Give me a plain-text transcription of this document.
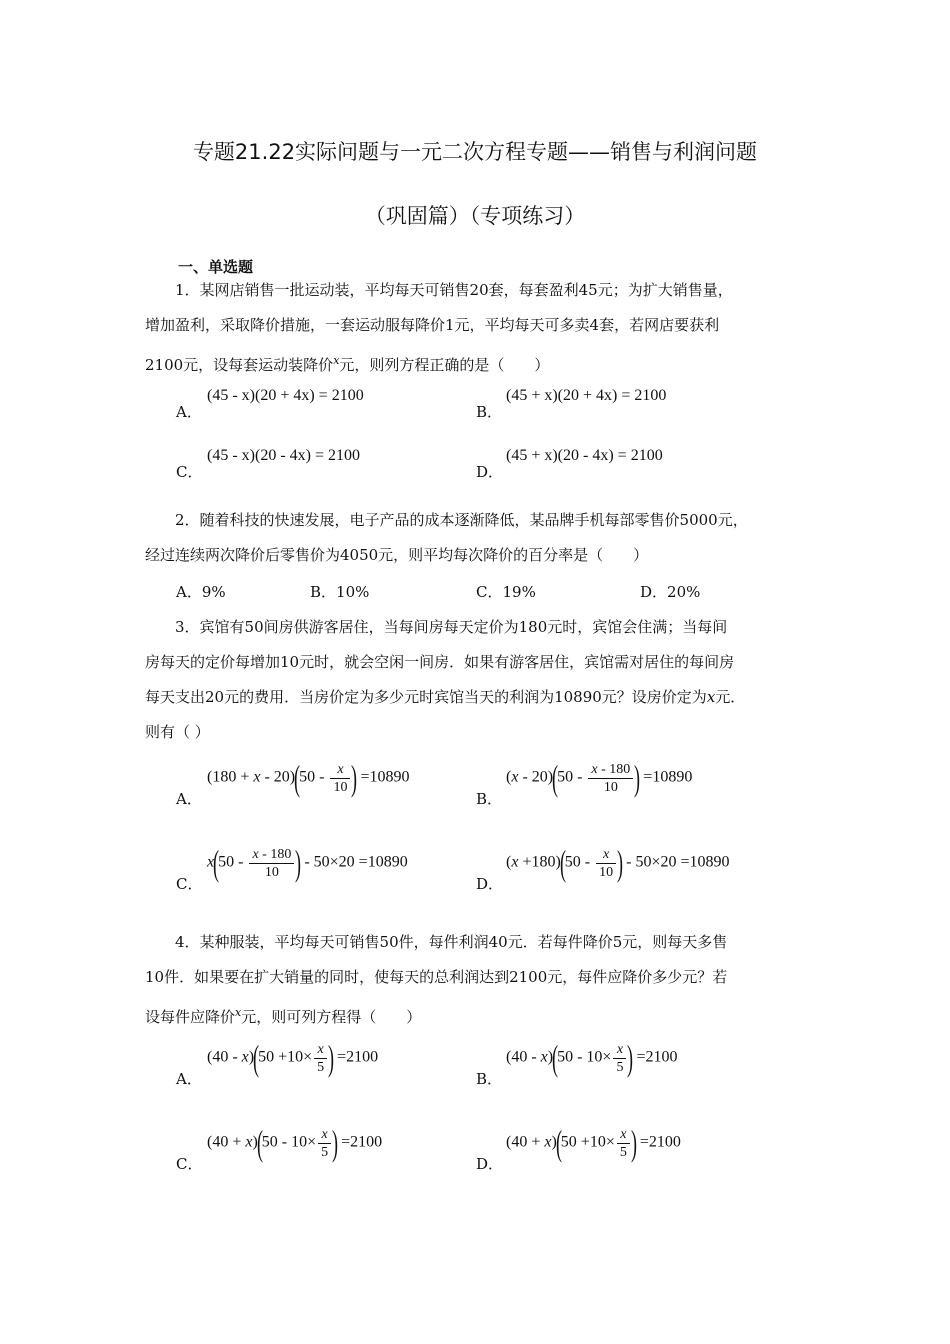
专题21.22实际问题与一元二次方程专题——销售与利润问题
（巩固篇）（专项练习）
一、单选题
1．某网店销售一批运动装，平均每天可销售20套，每套盈利45元；为扩大销售量，
增加盈利，采取降价措施，一套运动服每降价1元，平均每天可多卖4套，若网店要获利
2100元，设每套运动装降价$^x$元，则列方程正确的是（　　）
A．
(45 - x)(20 + 4x) = 2100
B．
(45 + x)(20 + 4x) = 2100
C．
(45 - x)(20 - 4x) = 2100
D．
(45 + x)(20 - 4x) = 2100
2．随着科技的快速发展，电子产品的成本逐渐降低，某品牌手机每部零售价5000元，
经过连续两次降价后零售价为4050元，则平均每次降价的百分率是（　　）
A．9%	B．10%	C．19%	D．20%
3．宾馆有50间房供游客居住，当每间房每天定价为180元时，宾馆会住满；当每间
房每天的定价每增加10元时，就会空闲一间房．如果有游客居住，宾馆需对居住的每间房
每天支出20元的费用．当房价定为多少元时宾馆当天的利润为10890元？设房价定为x元．
则有（ ）
A．
$(180 + x - 20)(50 - \frac{x}{10}$ ) =10890
B．
$(x - 20)(50 - \frac{x - 180}{10}$ ) =10890
C．
$x(50 - \frac{x - 180}{10}$ ) - 50×20 =10890
D．
$(x +180)(50 - \frac{x}{10}$ ) - 50×20 =10890
4．某种服装，平均每天可销售50件，每件利润40元．若每件降价5元，则每天多售
10件．如果要在扩大销量的同时，使每天的总利润达到2100元，每件应降价多少元？若
设每件应降价$^x$元，则可列方程得（　　）
A．
$(40 - x)(50 +10\times \frac{x}{5}$ ) =2100
B．
$(40 - x)(50 - 10\times \frac{x}{5}$ ) =2100
C．
$(40 + x)(50 - 10\times \frac{x}{5}$ ) =2100
D．
$(40 + x)(50 +10\times \frac{x}{5}$ ) =2100
